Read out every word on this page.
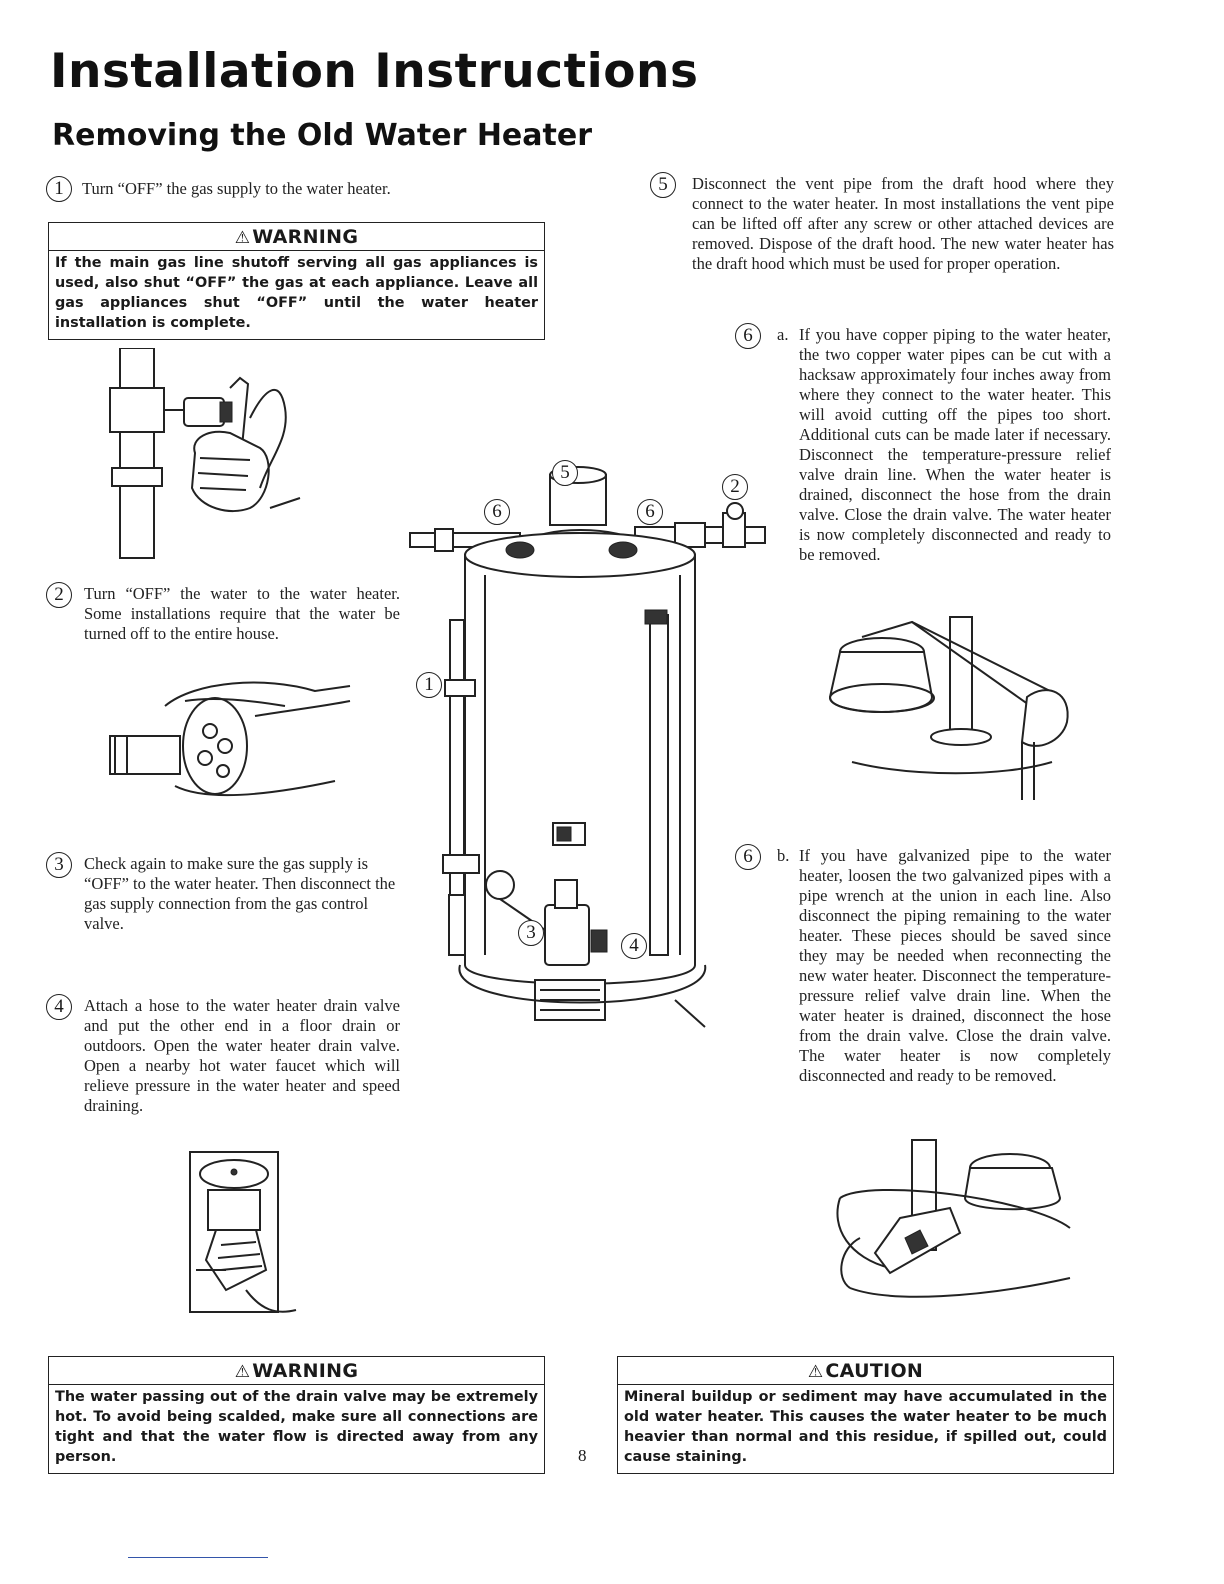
Installation Instructions
Removing the Old Water Heater
1	Turn “OFF” the gas supply to the water heater.
⚠ WARNING
If the main gas line shutoff serving all gas appliances is used, also shut “OFF” the gas at each appliance. Leave all gas appliances shut “OFF” until the water heater installation is complete.
2	Turn “OFF” the water to the water heater. Some installations require that the water be turned off to the entire house.
3	Check again to make sure the gas supply is “OFF” to the water heater. Then disconnect the gas supply connection from the gas control valve.
4	Attach a hose to the water heater drain valve and put the other end in a floor drain or outdoors. Open the water heater drain valve. Open a nearby hot water faucet which will relieve pressure in the water heater and speed draining.
5
6	6
2
1
3
4
5	Disconnect the vent pipe from the draft hood where they connect to the water heater. In most installations the vent pipe can be lifted off after any screw or other attached devices are removed. Dispose of the draft hood. The new water heater has the draft hood which must be used for proper operation.
6	a. If you have copper piping to the water heater, the two copper water pipes can be cut with a hacksaw approximately four inches away from where they connect to the water heater. This will avoid cutting off the pipes too short. Additional cuts can be made later if necessary. Disconnect the temperature-pressure relief valve drain line. When the water heater is drained, disconnect the hose from the drain valve. Close the drain valve. The water heater is now completely disconnected and ready to be removed.
6	b. If you have galvanized pipe to the water heater, loosen the two galvanized pipes with a pipe wrench at the union in each line. Also disconnect the piping remaining to the water heater. These pieces should be saved since they may be needed when reconnecting the new water heater. Disconnect the temperature-pressure relief valve drain line. When the water heater is drained, disconnect the hose from the drain valve. Close the drain valve. The water heater is now completely disconnected and ready to be removed.
⚠ WARNING
The water passing out of the drain valve may be extremely hot. To avoid being scalded, make sure all connections are tight and that the water flow is directed away from any person.
⚠ CAUTION
Mineral buildup or sediment may have accumulated in the old water heater. This causes the water heater to be much heavier than normal and this residue, if spilled out, could cause staining.
8
